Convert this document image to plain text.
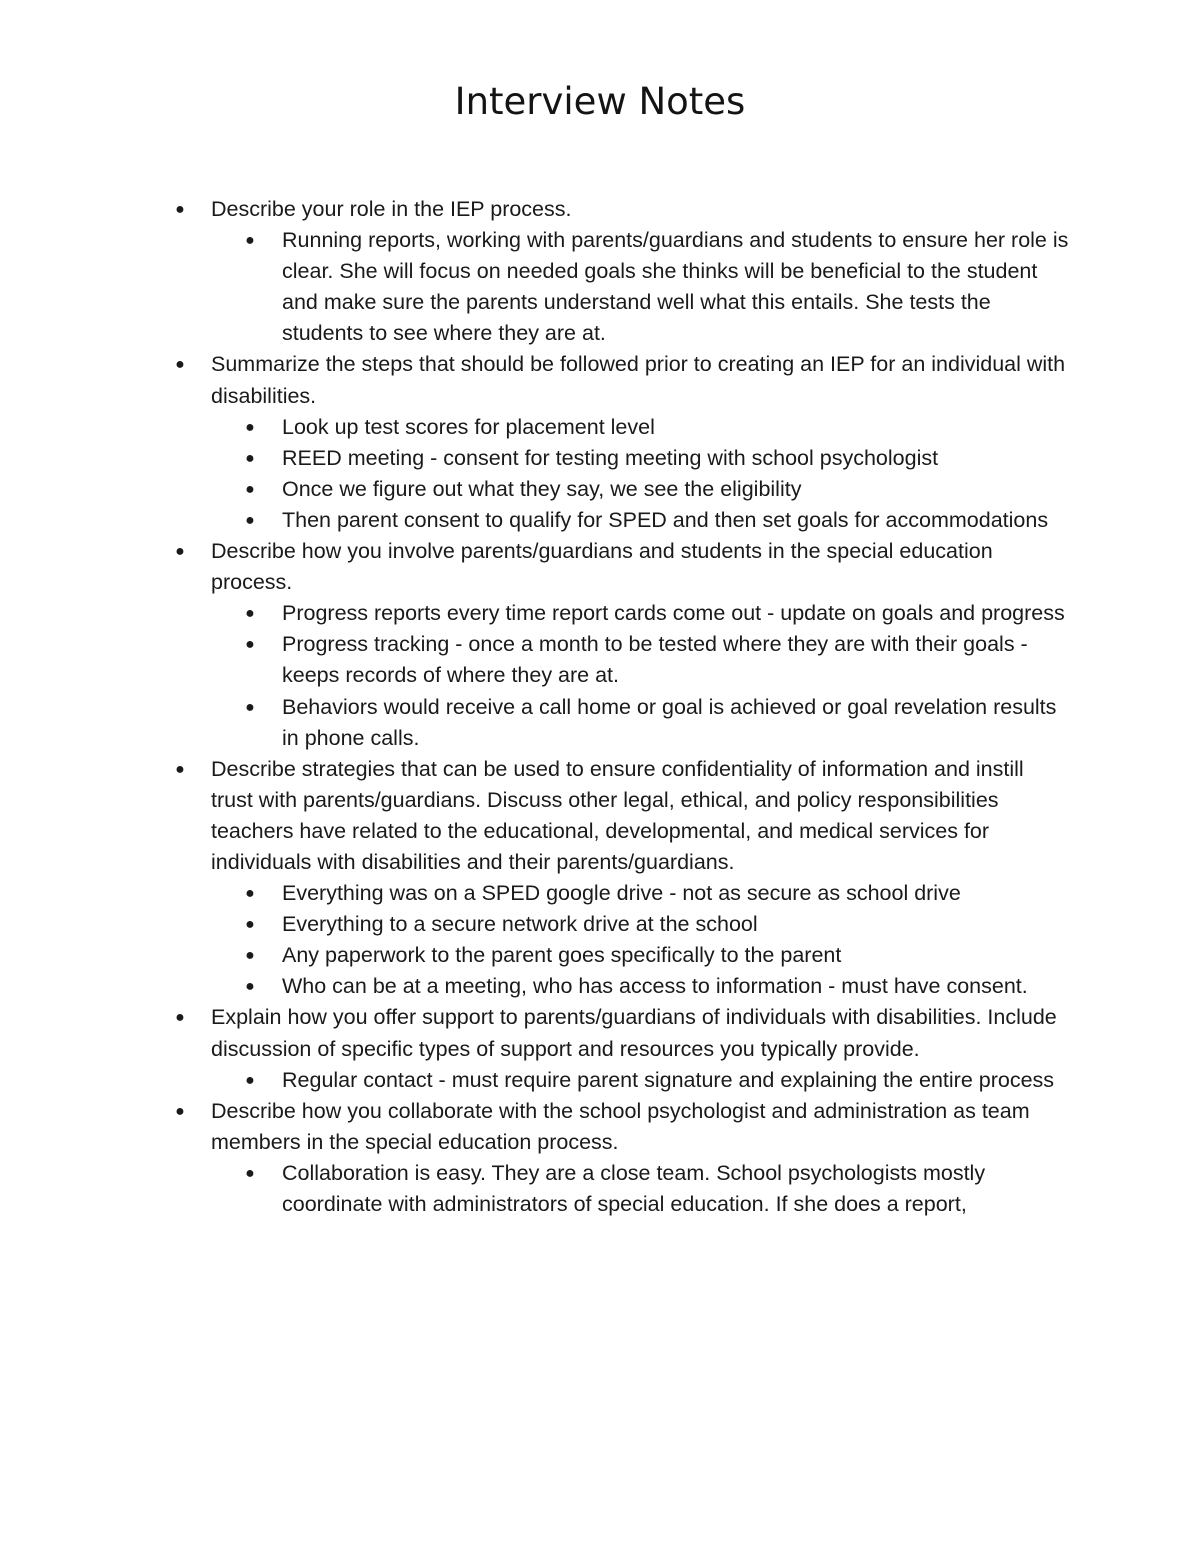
Interview Notes
● Describe your role in the IEP process.
● Running reports, working with parents/guardians and students to ensure her role is clear. She will focus on needed goals she thinks will be beneficial to the student and make sure the parents understand well what this entails. She tests the students to see where they are at.
● Summarize the steps that should be followed prior to creating an IEP for an individual with disabilities.
● Look up test scores for placement level
● REED meeting - consent for testing meeting with school psychologist
● Once we figure out what they say, we see the eligibility
● Then parent consent to qualify for SPED and then set goals for accommodations
● Describe how you involve parents/guardians and students in the special education process.
● Progress reports every time report cards come out - update on goals and progress
● Progress tracking - once a month to be tested where they are with their goals - keeps records of where they are at.
● Behaviors would receive a call home or goal is achieved or goal revelation results in phone calls.
● Describe strategies that can be used to ensure confidentiality of information and instill trust with parents/guardians. Discuss other legal, ethical, and policy responsibilities teachers have related to the educational, developmental, and medical services for individuals with disabilities and their parents/guardians.
● Everything was on a SPED google drive - not as secure as school drive
● Everything to a secure network drive at the school
● Any paperwork to the parent goes specifically to the parent
● Who can be at a meeting, who has access to information - must have consent.
● Explain how you offer support to parents/guardians of individuals with disabilities. Include discussion of specific types of support and resources you typically provide.
● Regular contact - must require parent signature and explaining the entire process
● Describe how you collaborate with the school psychologist and administration as team members in the special education process.
● Collaboration is easy. They are a close team. School psychologists mostly coordinate with administrators of special education. If she does a report,
